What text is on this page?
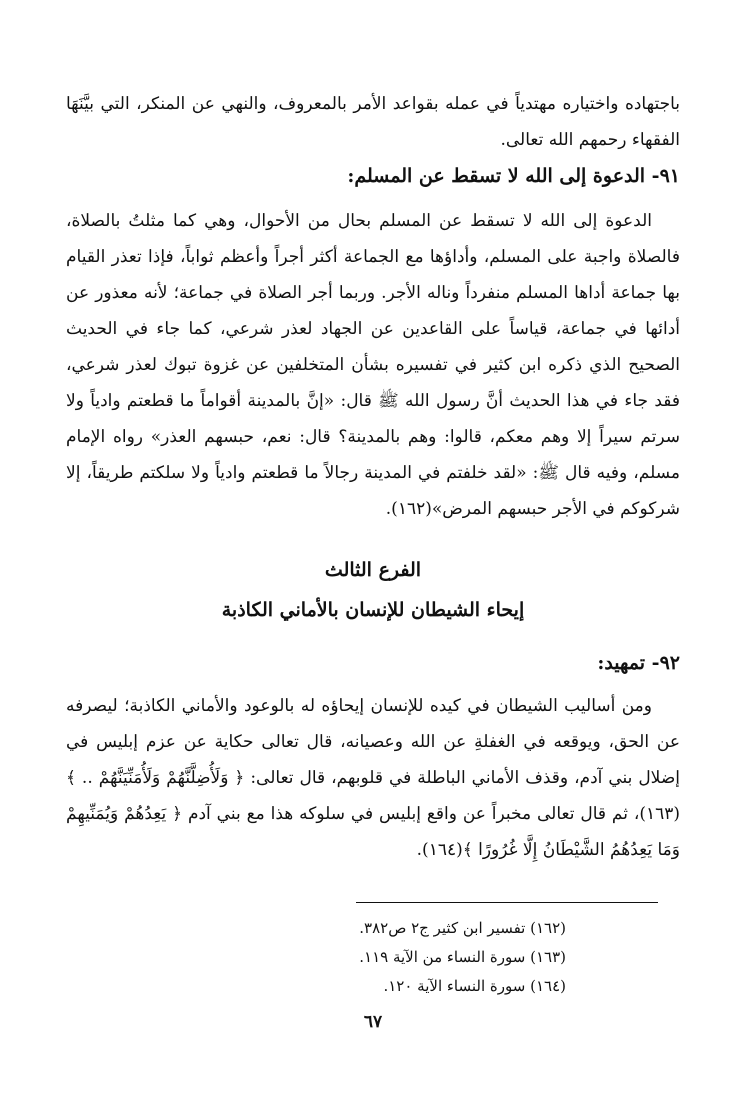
باجتهاده واختياره مهتدياً في عمله بقواعد الأمر بالمعروف، والنهي عن المنكر، التي بيَّنَهَا الفقهاء رحمهم الله تعالى.
٩١- الدعوة إلى الله لا تسقط عن المسلم:
الدعوة إلى الله لا تسقط عن المسلم بحال من الأحوال، وهي كما مثلتُ بالصلاة، فالصلاة واجبة على المسلم، وأداؤها مع الجماعة أكثر أجراً وأعظم ثواباً، فإذا تعذر القيام بها جماعة أداها المسلم منفرداً وناله الأجر. وربما أجر الصلاة في جماعة؛ لأنه معذور عن أدائها في جماعة، قياساً على القاعدين عن الجهاد لعذر شرعي، كما جاء في الحديث الصحيح الذي ذكره ابن كثير في تفسيره بشأن المتخلفين عن غزوة تبوك لعذر شرعي، فقد جاء في هذا الحديث أنَّ رسول الله ﷺ قال: «إنَّ بالمدينة أقواماً ما قطعتم وادياً ولا سرتم سيراً إلا وهم معكم، قالوا: وهم بالمدينة؟ قال: نعم، حبسهم العذر» رواه الإمام مسلم، وفيه قال ﷺ: «لقد خلفتم في المدينة رجالاً ما قطعتم وادياً ولا سلكتم طريقاً، إلا شركوكم في الأجر حبسهم المرض»(١٦٢).
الفرع الثالث
إيحاء الشيطان للإنسان بالأماني الكاذبة
٩٢- تمهيد:
ومن أساليب الشيطان في كيده للإنسان إيحاؤه له بالوعود والأماني الكاذبة؛ ليصرفه عن الحق، ويوقعه في الغفلةِ عن الله وعصيانه، قال تعالى حكاية عن عزم إبليس في إضلال بني آدم، وقذف الأماني الباطلة في قلوبهم، قال تعالى: ﴿ وَلَأُضِلَّنَّهُمْ وَلَأُمَنِّيَنَّهُمْ .. ﴾(١٦٣)، ثم قال تعالى مخبراً عن واقع إبليس في سلوكه هذا مع بني آدم ﴿ يَعِدُهُمْ وَيُمَنِّيهِمْ وَمَا يَعِدُهُمُ الشَّيْطَانُ إِلَّا غُرُورًا ﴾(١٦٤).
٦٧
(١٦٢) تفسير ابن كثير ج٢ ص٣٨٢.
(١٦٣) سورة النساء من الآية ١١٩.
(١٦٤) سورة النساء الآية ١٢٠.
